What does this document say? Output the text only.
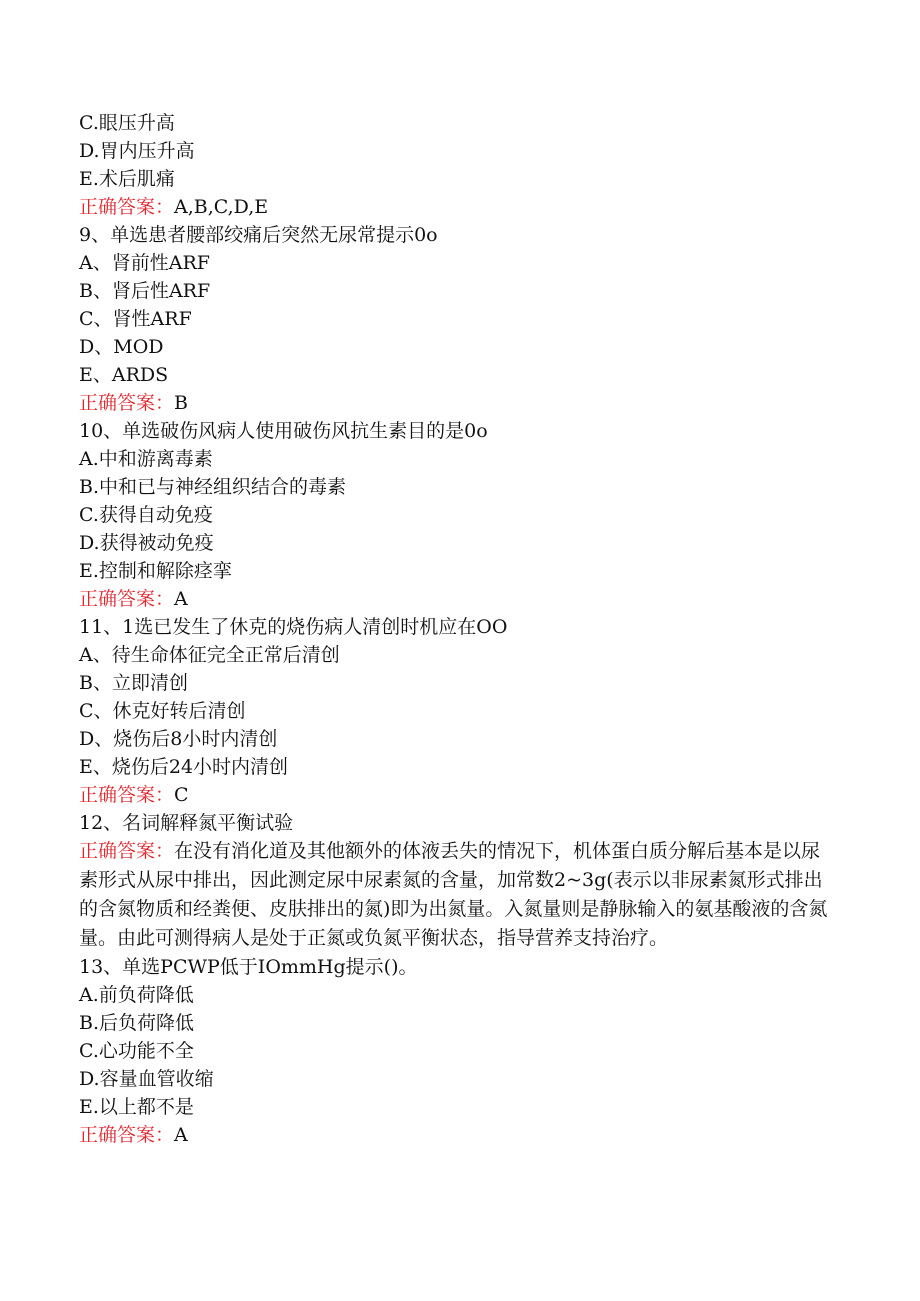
C.眼压升高
D.胃内压升高
E.术后肌痛
正确答案：A,B,C,D,E
9、单选患者腰部绞痛后突然无尿常提示0o
A、肾前性ARF
B、肾后性ARF
C、肾性ARF
D、MOD
E、ARDS
正确答案：B
10、单选破伤风病人使用破伤风抗生素目的是0o
A.中和游离毒素
B.中和已与神经组织结合的毒素
C.获得自动免疫
D.获得被动免疫
E.控制和解除痉挛
正确答案：A
11、1选已发生了休克的烧伤病人清创时机应在OO
A、待生命体征完全正常后清创
B、立即清创
C、休克好转后清创
D、烧伤后8小时内清创
E、烧伤后24小时内清创
正确答案：C
12、名词解释氮平衡试验
正确答案：在没有消化道及其他额外的体液丢失的情况下，机体蛋白质分解后基本是以尿素形式从尿中排出，因此测定尿中尿素氮的含量，加常数2~3g(表示以非尿素氮形式排出的含氮物质和经粪便、皮肤排出的氮)即为出氮量。入氮量则是静脉输入的氨基酸液的含氮量。由此可测得病人是处于正氮或负氮平衡状态，指导营养支持治疗。
13、单选PCWP低于IOmmHg提示()。
A.前负荷降低
B.后负荷降低
C.心功能不全
D.容量血管收缩
E.以上都不是
正确答案：A
